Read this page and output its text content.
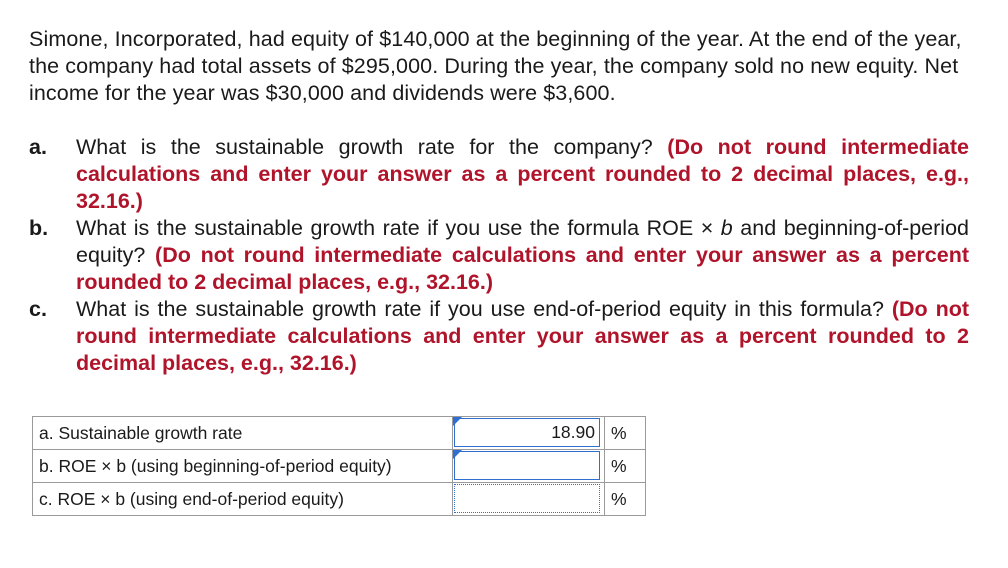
Simone, Incorporated, had equity of $140,000 at the beginning of the year. At the end of the year, the company had total assets of $295,000. During the year, the company sold no new equity. Net income for the year was $30,000 and dividends were $3,600.
a.	What is the sustainable growth rate for the company? (Do not round intermediate calculations and enter your answer as a percent rounded to 2 decimal places, e.g., 32.16.)
b.	What is the sustainable growth rate if you use the formula ROE × b and beginning-of-period equity? (Do not round intermediate calculations and enter your answer as a percent rounded to 2 decimal places, e.g., 32.16.)
c.	What is the sustainable growth rate if you use end-of-period equity in this formula? (Do not round intermediate calculations and enter your answer as a percent rounded to 2 decimal places, e.g., 32.16.)
a. Sustainable growth rate	18.90	%
b. ROE × b (using beginning-of-period equity)		%
c. ROE × b (using end-of-period equity)		%
